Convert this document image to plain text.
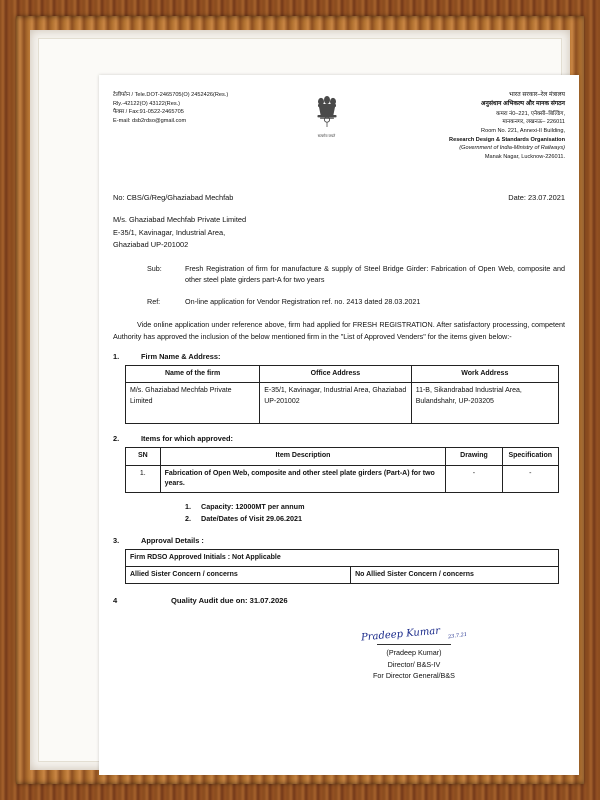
टेलीफोन / Tele.DOT-2465705(O) 2452426(Res.)
Rly.-42122(O) 43122(Res.)
फैक्स / Fax:91-0522-2465705
E-mail: dsb2rdso@gmail.com
सत्यमेव जयते
भारत सरकार–रेल मंत्रालय
अनुसंधान अभिकल्प और मानक संगठन
कमरा नं0–221, एनेक्सी–बिल्डिंग,
मानकनगर, लखनऊ– 226011
Room No. 221, Annexi-II Building,
Research Design & Standards Organisation
(Government of India-Ministry of Railways)
Manak Nagar, Lucknow-226011.
No: CBS/G/Reg/Ghaziabad Mechfab	Date: 23.07.2021
M/s. Ghaziabad Mechfab Private Limited
E-35/1, Kavinagar, Industrial Area,
Ghaziabad UP-201002
Sub:	Fresh Registration of firm for manufacture & supply of Steel Bridge Girder: Fabrication of Open Web, composite and other steel plate girders part-A for two years
Ref:	On-line application for Vendor Registration ref. no. 2413 dated 28.03.2021
Vide online application under reference above, firm had applied for FRESH REGISTRATION. After satisfactory processing, competent Authority has approved the inclusion of the below mentioned firm in the "List of Approved Venders" for the items given below:-
1.	Firm Name & Address:
Name of the firm	Office Address	Work Address
M/s. Ghaziabad Mechfab Private Limited	E-35/1, Kavinagar, Industrial Area, Ghaziabad UP-201002	11-B, Sikandrabad Industrial Area, Bulandshahr, UP-203205
2.	Items for which approved:
SN	Item Description	Drawing	Specification
1.	Fabrication of Open Web, composite and other steel plate girders (Part-A) for two years.	-	-
1.	Capacity: 12000MT per annum
2.	Date/Dates of Visit 29.06.2021
3.	Approval Details :
Firm RDSO Approved Initials : Not Applicable
Allied Sister Concern / concerns	No Allied Sister Concern / concerns
4	Quality Audit due on: 31.07.2026
Pradeep Kumar 23.7.21
(Pradeep Kumar)
Director/ B&S-IV
For Director General/B&S
